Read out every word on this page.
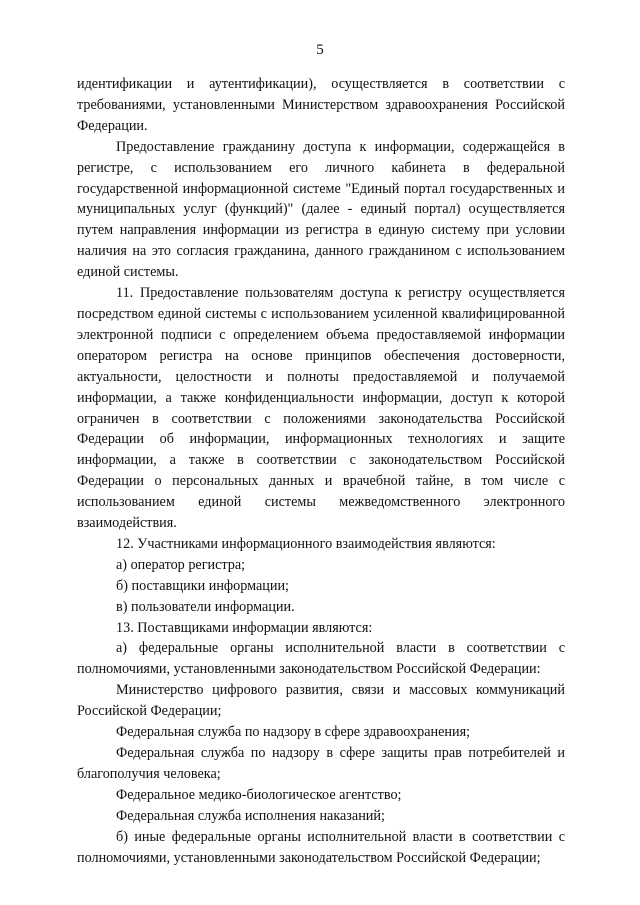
5

идентификации и аутентификации), осуществляется в соответствии с требованиями, установленными Министерством здравоохранения Российской Федерации.

Предоставление гражданину доступа к информации, содержащейся в регистре, с использованием его личного кабинета в федеральной государственной информационной системе "Единый портал государственных и муниципальных услуг (функций)" (далее - единый портал) осуществляется путем направления информации из регистра в единую систему при условии наличия на это согласия гражданина, данного гражданином с использованием единой системы.

11. Предоставление пользователям доступа к регистру осуществляется посредством единой системы с использованием усиленной квалифицированной электронной подписи с определением объема предоставляемой информации оператором регистра на основе принципов обеспечения достоверности, актуальности, целостности и полноты предоставляемой и получаемой информации, а также конфиденциальности информации, доступ к которой ограничен в соответствии с положениями законодательства Российской Федерации об информации, информационных технологиях и защите информации, а также в соответствии с законодательством Российской Федерации о персональных данных и врачебной тайне, в том числе с использованием единой системы межведомственного электронного взаимодействия.

12. Участниками информационного взаимодействия являются:

а) оператор регистра;

б) поставщики информации;

в) пользователи информации.

13. Поставщиками информации являются:

а) федеральные органы исполнительной власти в соответствии с полномочиями, установленными законодательством Российской Федерации:

Министерство цифрового развития, связи и массовых коммуникаций Российской Федерации;

Федеральная служба по надзору в сфере здравоохранения;

Федеральная служба по надзору в сфере защиты прав потребителей и благополучия человека;

Федеральное медико-биологическое агентство;

Федеральная служба исполнения наказаний;

б) иные федеральные органы исполнительной власти в соответствии с полномочиями, установленными законодательством Российской Федерации;
